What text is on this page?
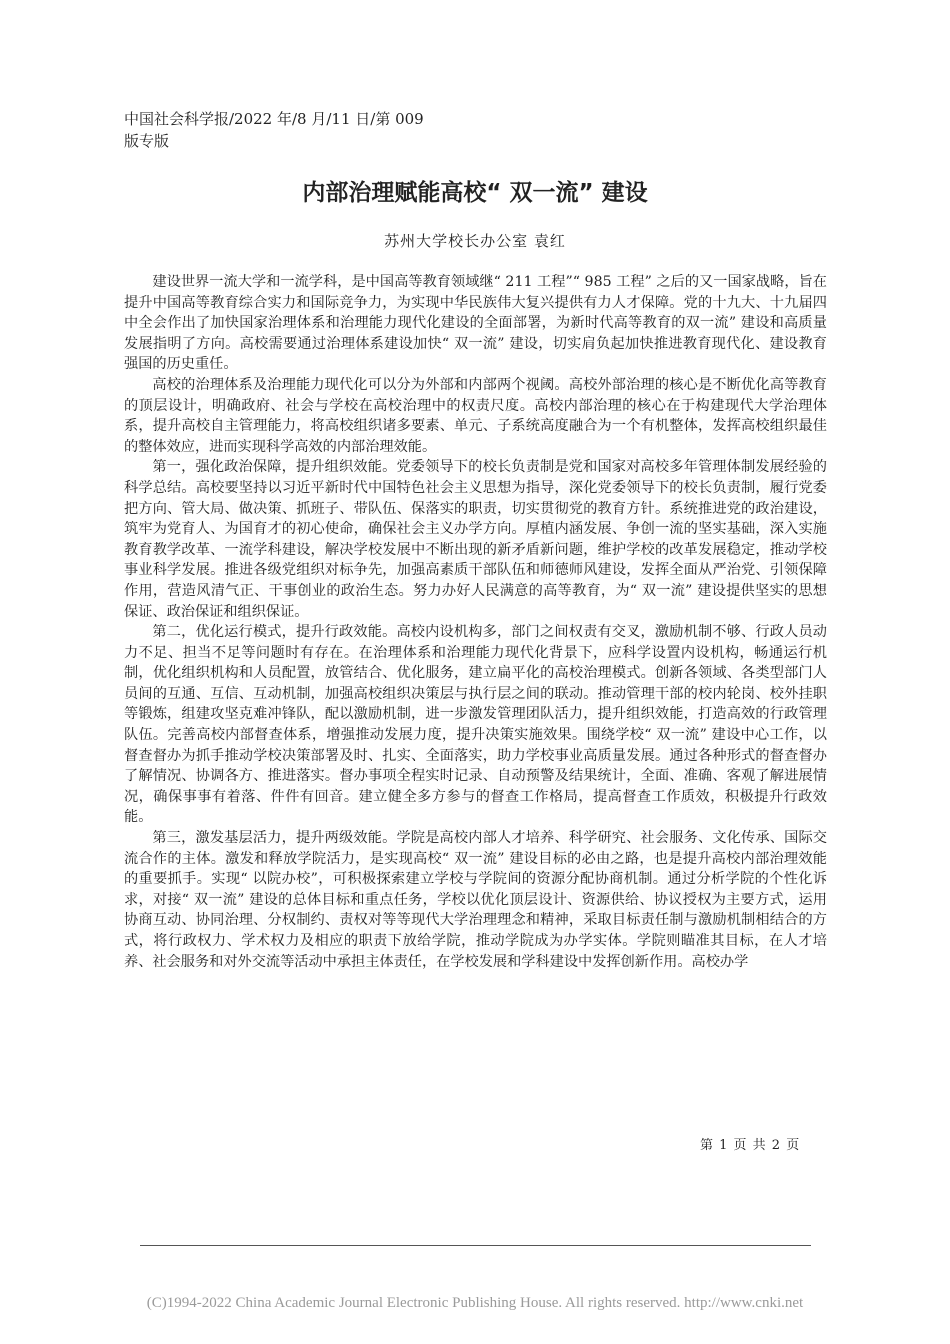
中国社会科学报/2022 年/8 月/11 日/第 009
版专版
内部治理赋能高校“ 双一流” 建设
苏州大学校长办公室 袁红

建设世界一流大学和一流学科，是中国高等教育领域继“ 211 工程”“ 985 工程” 之后的又一国家战略，旨在提升中国高等教育综合实力和国际竞争力，为实现中华民族伟大复兴提供有力人才保障。党的十九大、十九届四中全会作出了加快国家治理体系和治理能力现代化建设的全面部署，为新时代高等教育的双一流” 建设和高质量发展指明了方向。高校需要通过治理体系建设加快“ 双一流” 建设，切实肩负起加快推进教育现代化、建设教育强国的历史重任。

高校的治理体系及治理能力现代化可以分为外部和内部两个视阈。高校外部治理的核心是不断优化高等教育的顶层设计，明确政府、社会与学校在高校治理中的权责尺度。高校内部治理的核心在于构建现代大学治理体系，提升高校自主管理能力，将高校组织诸多要素、单元、子系统高度融合为一个有机整体，发挥高校组织最佳的整体效应，进而实现科学高效的内部治理效能。

第一，强化政治保障，提升组织效能。党委领导下的校长负责制是党和国家对高校多年管理体制发展经验的科学总结。高校要坚持以习近平新时代中国特色社会主义思想为指导，深化党委领导下的校长负责制，履行党委把方向、管大局、做决策、抓班子、带队伍、保落实的职责，切实贯彻党的教育方针。系统推进党的政治建设，筑牢为党育人、为国育才的初心使命，确保社会主义办学方向。厚植内涵发展、争创一流的坚实基础，深入实施教育教学改革、一流学科建设，解决学校发展中不断出现的新矛盾新问题，维护学校的改革发展稳定，推动学校事业科学发展。推进各级党组织对标争先，加强高素质干部队伍和师德师风建设，发挥全面从严治党、引领保障作用，营造风清气正、干事创业的政治生态。努力办好人民满意的高等教育，为“ 双一流” 建设提供坚实的思想保证、政治保证和组织保证。

第二，优化运行模式，提升行政效能。高校内设机构多，部门之间权责有交叉，激励机制不够、行政人员动力不足、担当不足等问题时有存在。在治理体系和治理能力现代化背景下，应科学设置内设机构，畅通运行机制，优化组织机构和人员配置，放管结合、优化服务，建立扁平化的高校治理模式。创新各领域、各类型部门人员间的互通、互信、互动机制，加强高校组织决策层与执行层之间的联动。推动管理干部的校内轮岗、校外挂职等锻炼，组建攻坚克难冲锋队，配以激励机制，进一步激发管理团队活力，提升组织效能，打造高效的行政管理队伍。完善高校内部督查体系，增强推动发展力度，提升决策实施效果。围绕学校“ 双一流” 建设中心工作，以督查督办为抓手推动学校决策部署及时、扎实、全面落实，助力学校事业高质量发展。通过各种形式的督查督办了解情况、协调各方、推进落实。督办事项全程实时记录、自动预警及结果统计，全面、准确、客观了解进展情况，确保事事有着落、件件有回音。建立健全多方参与的督查工作格局，提高督查工作质效，积极提升行政效能。

第三，激发基层活力，提升两级效能。学院是高校内部人才培养、科学研究、社会服务、文化传承、国际交流合作的主体。激发和释放学院活力，是实现高校“ 双一流” 建设目标的必由之路，也是提升高校内部治理效能的重要抓手。实现“ 以院办校”，可积极探索建立学校与学院间的资源分配协商机制。通过分析学院的个性化诉求，对接“ 双一流” 建设的总体目标和重点任务，学校以优化顶层设计、资源供给、协议授权为主要方式，运用协商互动、协同治理、分权制约、责权对等等现代大学治理理念和精神，采取目标责任制与激励机制相结合的方式，将行政权力、学术权力及相应的职责下放给学院，推动学院成为办学实体。学院则瞄准其目标，在人才培养、社会服务和对外交流等活动中承担主体责任，在学校发展和学科建设中发挥创新作用。高校办学

第 1 页 共 2 页
(C)1994-2022 China Academic Journal Electronic Publishing House. All rights reserved. http://www.cnki.net
